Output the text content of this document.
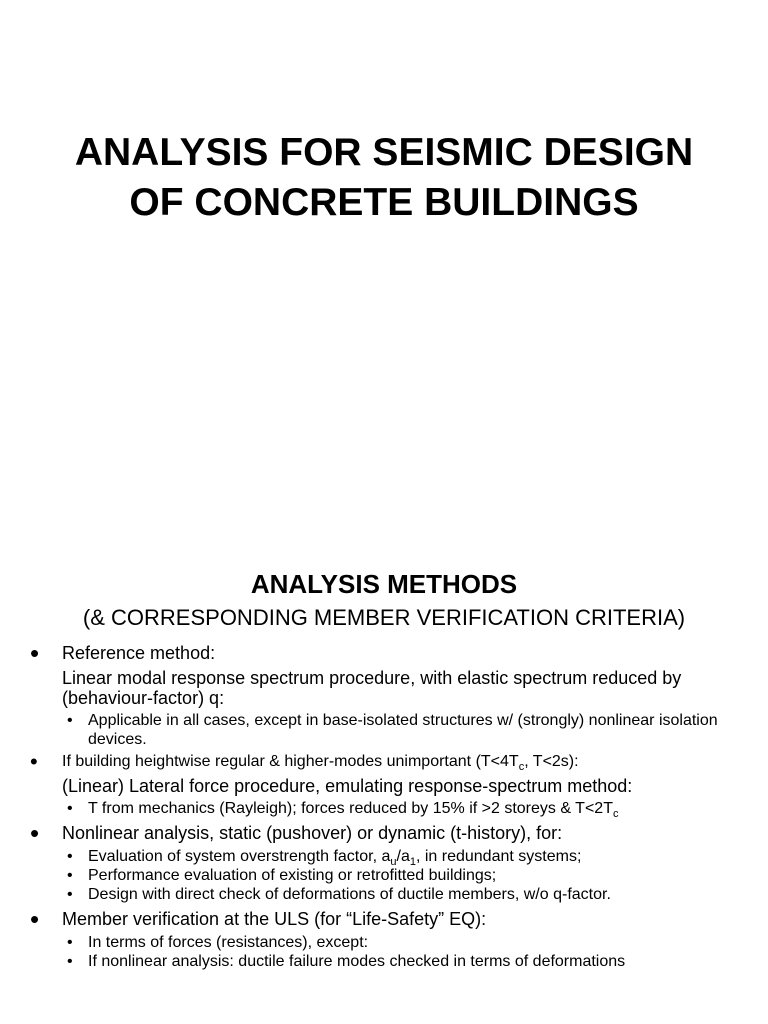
ANALYSIS FOR SEISMIC DESIGN
OF CONCRETE BUILDINGS
ANALYSIS METHODS

(& CORRESPONDING MEMBER VERIFICATION CRITERIA)

• Reference method:

Linear modal response spectrum procedure, with elastic spectrum reduced by (behaviour-factor) q:

• Applicable in all cases, except in base-isolated structures w/ (strongly) nonlinear isolation devices.

• If building heightwise regular & higher-modes unimportant ($T<4T_c$, T<2s):

(Linear) Lateral force procedure, emulating response-spectrum method:

• T from mechanics (Rayleigh); forces reduced by 15% if >2 storeys & $T<2T_c$

• Nonlinear analysis, static (pushover) or dynamic (t-history), for:

• Evaluation of system overstrength factor, $a_u/a_1$, in redundant systems;

• Performance evaluation of existing or retrofitted buildings;

• Design with direct check of deformations of ductile members, w/o q-factor.

• Member verification at the ULS (for “Life-Safety” EQ):

• In terms of forces (resistances), except:

• If nonlinear analysis: ductile failure modes checked in terms of deformations
